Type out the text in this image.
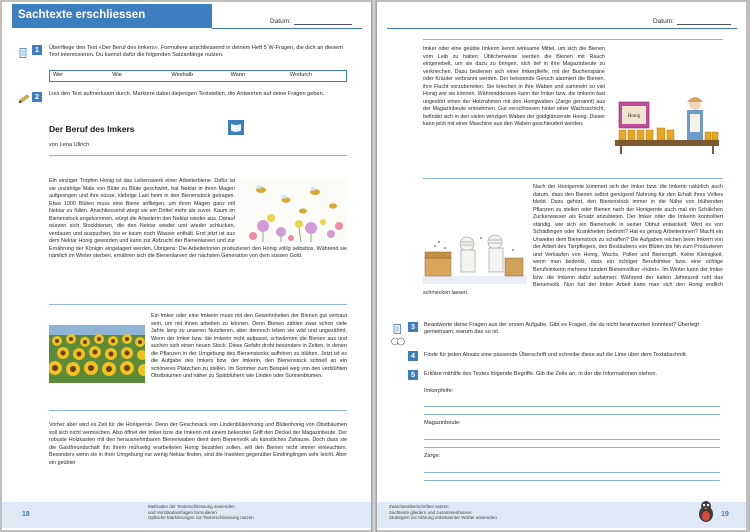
Sachtexte erschliessen
Datum:
1	Überfliege den Text «Der Beruf des Imkers». Formuliere anschliessend in deinem Heft 5 W-Fragen, die dich an diesem Text interessieren. Du kannst dafür die folgenden Satzanfänge nutzen.
Wer	Wie	Weshalb	Wann	Wodurch
2	Lies den Text aufmerksam durch. Markiere dabei diejenigen Textstellen, die Antworten auf deine Fragen geben.
Der Beruf des Imkers
von Lena Ullrich

Ein einziger Tropfen Honig ist das Lebenswerk einer Arbeiterbiene. Dafür ist sie unzählige Male von Blüte zu Blüte geschwirrt, hat Nektar in ihren Magen aufgesogen und ihre süsse, klebrige Last heim in den Bienenstock getragen. Etwa 1000 Blüten muss eine Biene anfliegen, um ihren Magen ganz mit Nektar zu füllen. Anschliessend wiegt sie ein Drittel mehr als zuvor. Kaum im Bienenstock angekommen, würgt die Arbeiterin den Nektar wieder aus. Darauf würzen sich Stockbienen, die den Nektar wieder und wieder schlucken, verdauen und auspuchen, bis er kaum noch Wasser enthält. Erst jetzt ist aus dem Nektar Honig geworden und kann zur Aufzucht der Bienenlarven und zur Ernährung der Königin eingelagert werden. Übrigens: Die Arbeiterinnen produzieren den Honig völlig selbstlos. Während sie nämlich im Winter sterben, ernähren sich die Bienenlarven der nächsten Generation von dem süssen Gold.

Ein Imker oder eine Imkerin muss mit den Gewohnheiten der Bienen gut vertraut sein, um mit ihnen arbeiten zu können. Denn Bienen zählen zwar schon viele Jahre lang zu unseren Nutztieren, aber dennoch leben sie wild und ungezähmt. Wenn der Imker bzw. die Imkerin nicht aufpasst, schwärmen die Bienen aus und suchen sich einen neuen Stock. Diese Gefahr droht besonders in Zeiten, in denen die Pflanzen in der Umgebung des Bienenstocks aufhören zu blühen. Jetzt ist es die Aufgabe des Imkers bzw. der Imkerin, den Bienenstock schnell an ein schöneres Plätzchen zu stellen. Im Sommer zum Beispiel weg von den verblühten Obstbäumen und näher zu Spätblühern wie Linden oder Sonnenblumen.

Vorher aber wird es Zeit für die Honigernte. Denn der Geschmack von Lindenblütenhonig und Blütenhonig von Obstbäumen soll sich nicht vermischen. Also öffnet der Imker bzw. die Imkerin mit einem bekerzten Griff den Deckel der Magazinbeute. Der robuste Holzkasten mit den herausnehmbaren Bienenwaben dient dem Bienenvolk als künstliches Zuhause. Doch dass sie die Gastfreundschaft ihn ihrem mühselig erarbeiteten Honig bezahlen sollen, will den Bienen nicht immer einleuchten. Besonders wenn sie in ihrer Umgebung nur wenig Nektar finden, sind die Insekten gegenüber Eindringlingen sehr leicht. Aber ein geübter

18
Methoden der Texterschliessung anwenden
und Verständnisfragen formulieren
Optische Markierungen zur Texterschliessung nutzen
Datum:
Honig

Imker oder eine geübte Imkerin kennt wirksame Mittel, um sich die Bienen vom Leib zu halten: Üblicherweise werden die Bienen mit Rauch eingenebelt, um sie dazu zu bringen, sich tief in ihre Magazinbeute zu verkriechen. Dazu bedienen sich einer Imkerpfeife, mit der Buchenspäne oder Kräuter verbrannt werden. Der beissende Geruch alarmiert die Bienen, ihre Flucht vorzubereiten. Sie kriechen in ihre Waben und sammeln so viel Honig wie sie können. Währenddessen kann der Imker bzw. die Imkerin fast ungestört einen der Holzrahmen mit den Honigwaben (Zarge genannt) aus der Magazinbeute entnehmen. Gut verschlossen hinter einer Wachsschicht, befindet sich in den vielen winzigen Waben der goldglänzende Honig. Dieser kann jetzt mit einer Maschine aus den Waben geschleudert werden.

Nach der Honigernte kümmert sich der Imker bzw. die Imkerin natürlich auch darum, dass den Bienen selbst genügend Nahrung für den Erhalt ihres Volkes bleibt. Dazu gehört, den Bienenstock immer in die Nähe von blühenden Pflanzen zu stellen oder Bienen nach der Honigernte auch mal ein Schälchen Zuckerwasser als Ersatz anzubieten. Der Imker oder die Imkerin kontrolliert ständig, wie sich ein Bienenvolk in seiner Obhut entwickelt: Wird es von Schädlingen oder Krankheiten bedroht? Hat es genug Arbeiterinnen? Macht ein Unwetter dem Bienenstock zu schaffen? Die Aufgaben reichen beim Imkern von der Arbeit des Tierpflegers, des Bestäubens von Blüten bis hin zum Produzieren und Verkaufen von Honig, Wachs, Pollen und Bienengift. Keine Kleinigkeit, wenn man bedenkt, dass ein richtiger Berufsimker bzw. eine richtige Berufsimkerin mehrere hundert Bienenvölker «hütet». Im Winter kann der Imker bzw. die Imkerin dafür aufatmen: Während der kalten Jahreszeit ruht das Bienenvolk. Nun hat der Imker Arbeit kann man sich den Honig endlich schmecken lassen.

3	Beantworte deine Fragen aus der ersten Aufgabe. Gibt es Fragen, die du nicht beantworten konntest? Überlegt gemeinsam, warum das so ist.
4	Finde für jeden Absatz eine passende Überschrift und schreibe diese auf die Linie über dem Textabschnitt.
5	Erkläre mithilfe des Textes folgende Begriffe. Gib die Zeile an, in der die Informationen stehen.
Imkerpfeife:
Magazinbeute:
Zarge:
Zwischenüberschriften setzen
Sachtexte gliedern und zusammenfassen
Strategien zur Klärung unbekannter Wörter anwenden	19
